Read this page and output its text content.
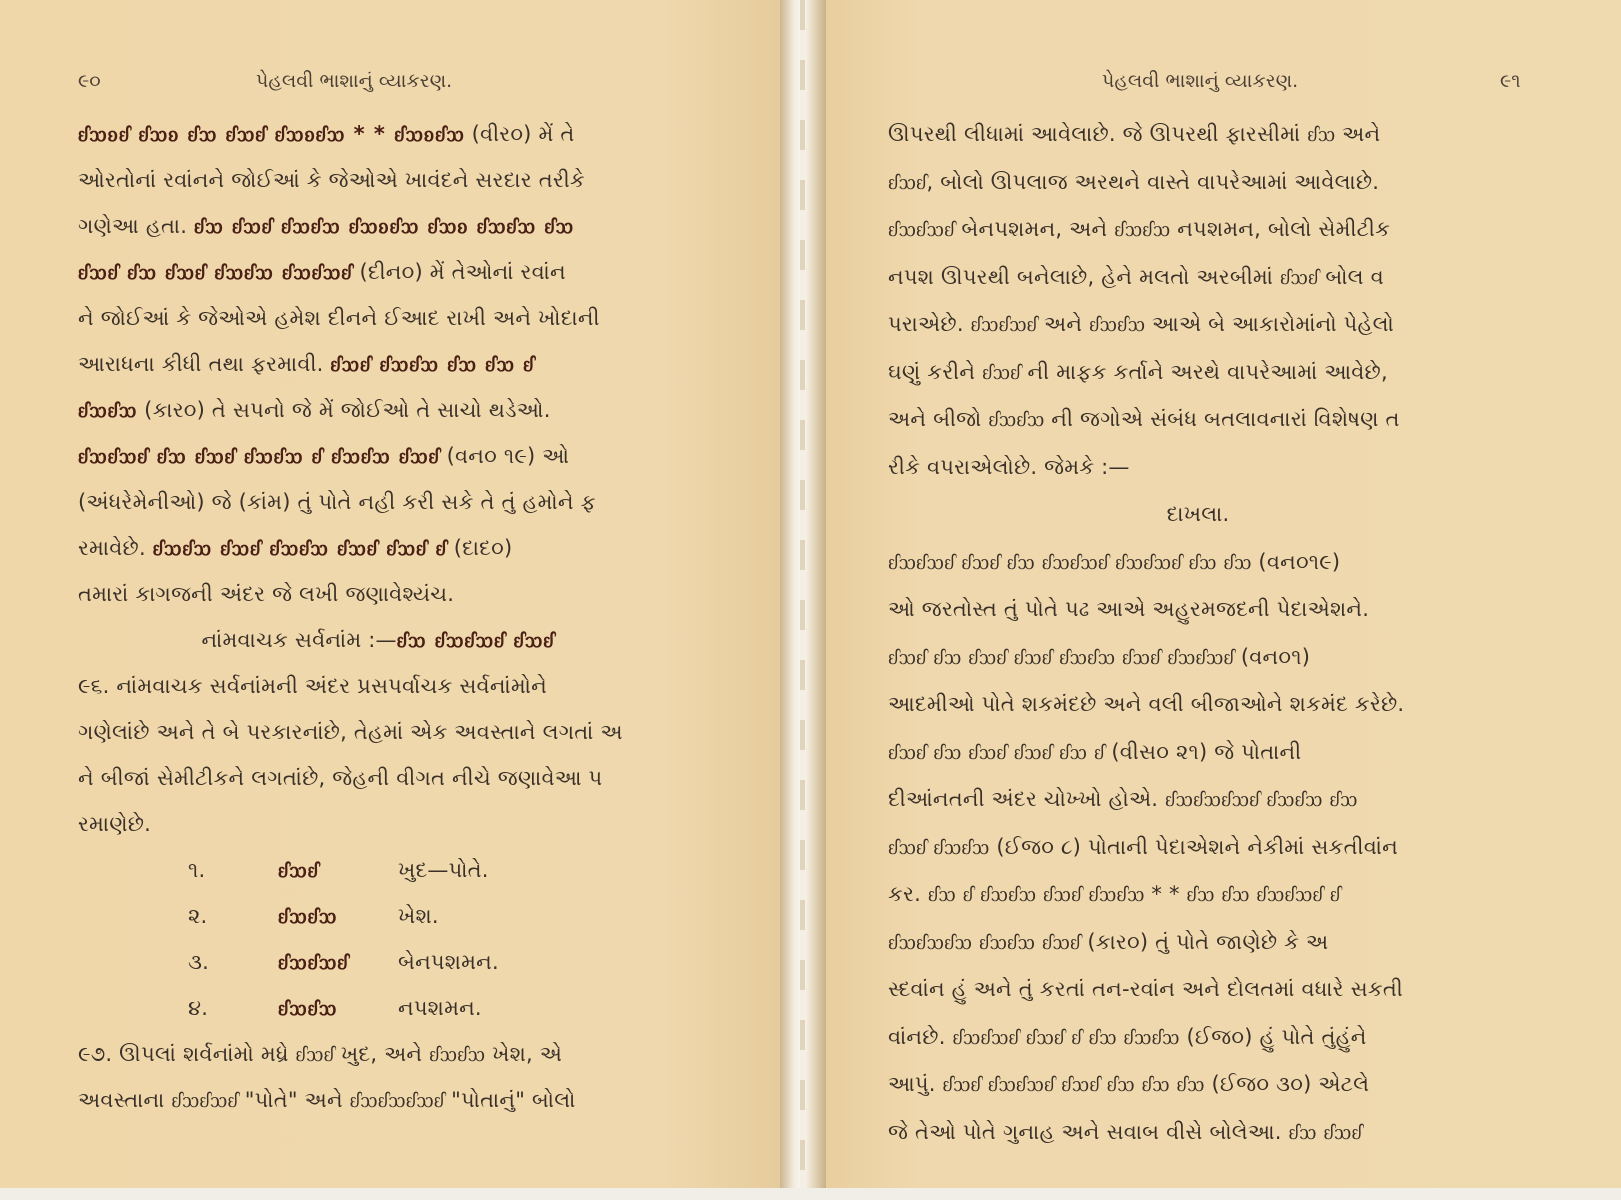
૯૦	પેહલવી ભાશાનું વ્યાકરણ.	૯૧
પેહલવી ભાશાનું વ્યાકરણ.
ᦊᦉᦈᦊ ᦊᦉᦈ ᦊᦉ ᦊᦉᦊ ᦊᦉᦈᦊᦉ * * ᦊᦉᦈᦊᦉ (વીર૦) મેં તે
ઓરતોનાં રવાંનને જોઈઆં કે જેઓએ ખાવંદને સરદાર તરીકે
ગણેઆ હતા. ᦊᦉ ᦊᦉᦊ ᦊᦉᦊᦉ ᦊᦉᦈᦊᦉ ᦊᦉᦈ ᦊᦉᦊᦉ ᦊᦉ
ᦊᦉᦊ ᦊᦉ ᦊᦉᦊ ᦊᦉᦊᦉ ᦊᦉᦊᦉᦊ (દીન૦) મેં તેઓનાં રવાંન
ને જોઈઆં કે જેઓએ હમેશ દીનને ઈઆદ રાખી અને ખોદાની
આરાધના કીધી તથા ફરમાવી. ᦊᦉᦊ ᦊᦉᦊᦉ ᦊᦉ ᦊᦉ ᦊ
ᦊᦉᦊᦉ (કાર૦) તે સપનો જે મેં જોઈઓ તે સાચો થડેઓ.
ᦊᦉᦊᦉᦊ ᦊᦉ ᦊᦉᦊ ᦊᦉᦊᦉ ᦊ ᦊᦉᦊᦉ ᦊᦉᦊ (વન૦ ૧૯) ઓ
(અંધરેમેનીઓ) જે (કાંમ) તું પોતે નહી કરી સકે તે તું હમોને ફ
રમાવેછે. ᦊᦉᦊᦉ ᦊᦉᦊ ᦊᦉᦊᦉ ᦊᦉᦊ ᦊᦉᦊ ᦊ (દાદ૦)
તમારાં કાગજની અંદર જે લખી જણાવેશ્યંચ.
નાંમવાચક સર્વનાંમ :—ᦊᦉ ᦊᦉᦊᦉᦊ ᦊᦉᦊ
૯૬. નાંમવાચક સર્વનાંમની અંદર પ્રસપર્વાચક સર્વનાંમોને
ગણેલાંછે અને તે બે પરકારનાંછે, તેહમાં એક અવસ્તાને લગતાં અ
ને બીજાં સેમીટીકને લગતાંછે, જેહની વીગત નીચે જણાવેઆ પ
રમાણેછે.
૧.	ᦊᦉᦊ	ખુદ—પોતે.
૨.	ᦊᦉᦊᦉ	ખેશ.
૩.	ᦊᦉᦊᦉᦊ બેનપશમન.
૪.	ᦊᦉᦊᦉ	નપશમન.
૯૭. ઊપલાં શર્વનાંમો મધ્રે ᦊᦉᦊ ખુદ, અને ᦊᦉᦊᦉ ખેશ, એ
અવસ્તાના ᦊᦉᦊᦉᦊ "પોતે" અને ᦊᦉᦊᦉᦊᦉᦊ "પોતાનું" બોલો
ઊપરથી લીધામાં આવેલાછે. જે ઊપરથી ફારસીમાં ᦊᦉ અને
ᦊᦉᦊ, બોલો ઊપલાજ અરથને વાસ્તે વાપરેઆમાં આવેલાછે.
ᦊᦉᦊᦉᦊ બેનપશમન, અને ᦊᦉᦊᦉ નપશમન, બોલો સેમીટીક
નપશ ઊપરથી બનેલાછે, હેને મલતો અરબીમાં ᦊᦉᦊ બોલ વ
પરાએછે. ᦊᦉᦊᦉᦊ અને ᦊᦉᦊᦉ આએ બે આકારોમાંનો પેહેલો
ઘણું કરીને ᦊᦉᦊ ની માફક કર્તાને અરથે વાપરેઆમાં આવેછે,
અને બીજો ᦊᦉᦊᦉ ની જગોએ સંબંધ બતલાવનારાં વિશેષણ ત
રીકે વપરાએલોછે. જેમકે :—
દાખલા.
ᦊᦉᦊᦉᦊ ᦊᦉᦊ ᦊᦉ ᦊᦉᦊᦉᦊ ᦊᦉᦊᦉᦊ ᦊᦉ ᦊᦉ (વન૦૧૯)
ઓ જરતોસ્ત તું પોતે પઢ આએ અહુરમજદની પેદાએશને.
ᦊᦉᦊ ᦊᦉ ᦊᦉᦊ ᦊᦉᦊ ᦊᦉᦊᦉ ᦊᦉᦊ ᦊᦉᦊᦉᦊ (વન૦૧)
આદમીઓ પોતે શકમંદછે અને વલી બીજાઓને શકમંદ કરેછે.
ᦊᦉᦊ ᦊᦉ ᦊᦉᦊ ᦊᦉᦊ ᦊᦉ ᦊ (વીસ૦ ૨૧) જે પોતાની
દીઆંનતની અંદર ચોખ્ખો હોએ. ᦊᦉᦊᦉᦊᦉᦊ ᦊᦉᦊᦉ ᦊᦉ
ᦊᦉᦊ ᦊᦉᦊᦉ (ઈજ૦ ૮) પોતાની પેદાએશને નેકીમાં સકતીવાંન
કર. ᦊᦉ ᦊ ᦊᦉᦊᦉ ᦊᦉᦊ ᦊᦉᦊᦉ * * ᦊᦉ ᦊᦉ ᦊᦉᦊᦉᦊ ᦊ
ᦊᦉᦊᦉᦊᦉ ᦊᦉᦊᦉ ᦊᦉᦊ (કાર૦) તું પોતે જાણેછે કે અ
સ્દવાંન હું અને તું કરતાં તન-રવાંન અને દોલતમાં વધારે સકતી
વાંનછે. ᦊᦉᦊᦉᦊ ᦊᦉᦊ ᦊ ᦊᦉ ᦊᦉᦊᦉ (ઈજ૦) હું પોતે તુંહુંને
આપું. ᦊᦉᦊ ᦊᦉᦊᦉᦊ ᦊᦉᦊ ᦊᦉ ᦊᦉ ᦊᦉ (ઈજ૦ ૩૦) એટલે
જે તેઓ પોતે ગુનાહ અને સવાબ વીસે બોલેઆ. ᦊᦉ ᦊᦉᦊ
